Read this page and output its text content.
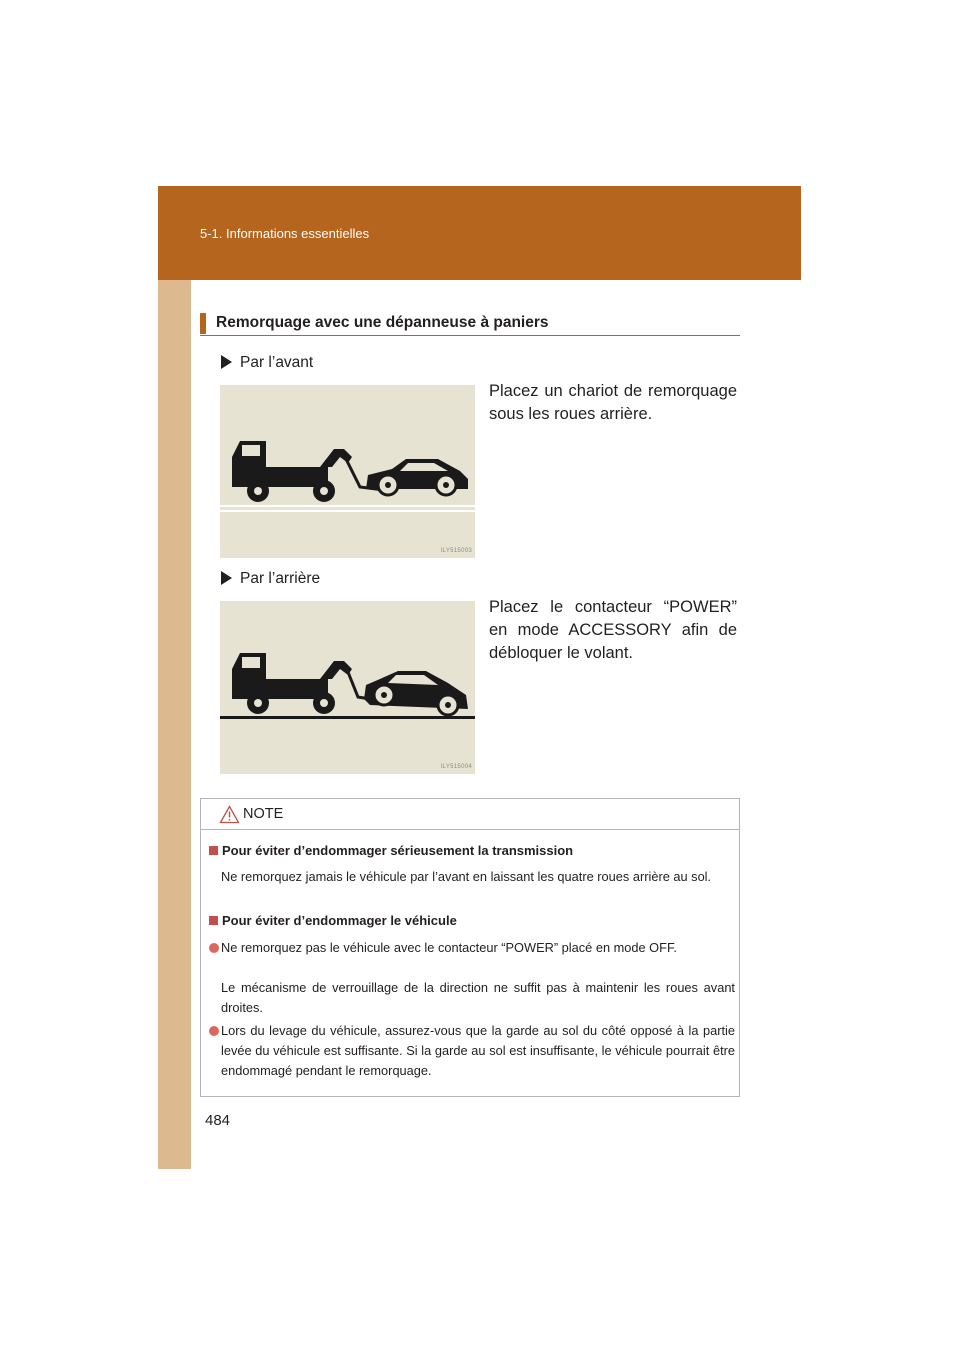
5-1. Informations essentielles
Remorquage avec une dépanneuse à paniers
Par l’avant
ILY515003
Placez un chariot de remorquage sous les roues arrière.
Par l’arrière
ILY515004
Placez le contacteur “POWER” en mode ACCESSORY afin de débloquer le volant.
NOTE
Pour éviter d’endommager sérieusement la transmission
Ne remorquez jamais le véhicule par l’avant en laissant les quatre roues arrière au sol.
Pour éviter d’endommager le véhicule
Ne remorquez pas le véhicule avec le contacteur “POWER” placé en mode OFF.
Le mécanisme de verrouillage de la direction ne suffit pas à maintenir les roues avant droites.
Lors du levage du véhicule, assurez-vous que la garde au sol du côté opposé à la partie levée du véhicule est suffisante. Si la garde au sol est insuffisante, le véhicule pourrait être endommagé pendant le remorquage.
484
